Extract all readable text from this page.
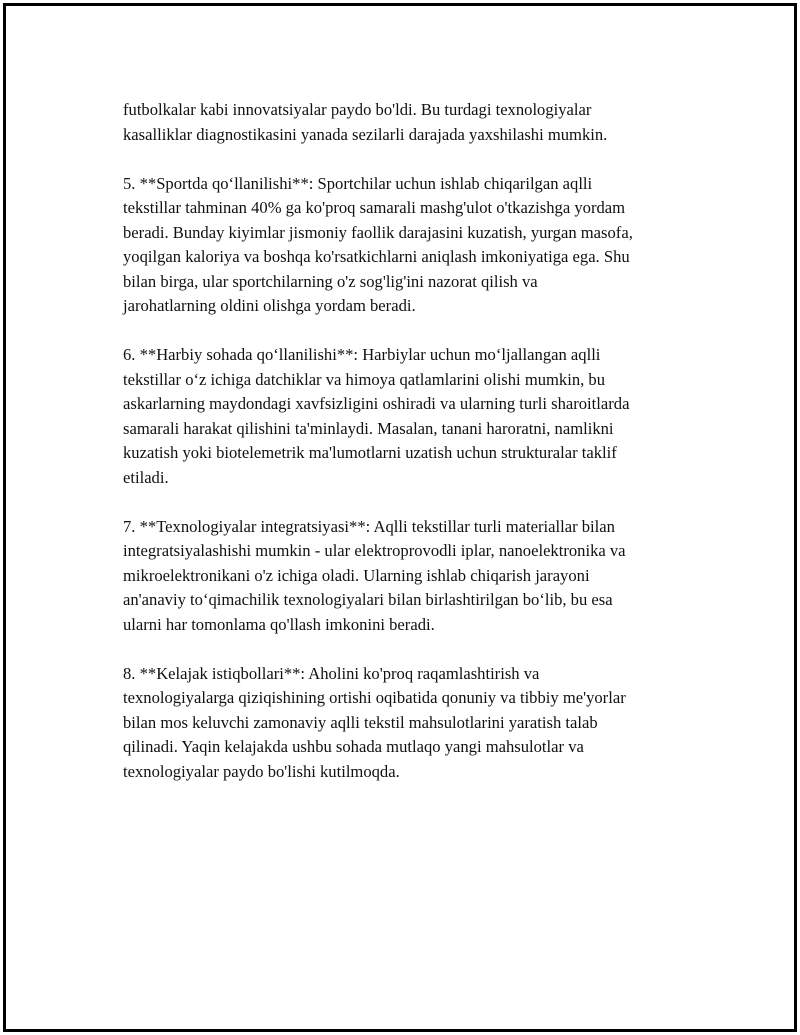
futbolkalar kabi innovatsiyalar paydo bo'ldi. Bu turdagi texnologiyalar
kasalliklar diagnostikasini yanada sezilarli darajada yaxshilashi mumkin.

5. **Sportda qo‘llanilishi**: Sportchilar uchun ishlab chiqarilgan aqlli
tekstillar tahminan 40% ga ko'proq samarali mashg'ulot o'tkazishga yordam
beradi. Bunday kiyimlar jismoniy faollik darajasini kuzatish, yurgan masofa,
yoqilgan kaloriya va boshqa ko'rsatkichlarni aniqlash imkoniyatiga ega. Shu
bilan birga, ular sportchilarning o'z sog'lig'ini nazorat qilish va
jarohatlarning oldini olishga yordam beradi.

6. **Harbiy sohada qo‘llanilishi**: Harbiylar uchun mo‘ljallangan aqlli
tekstillar o‘z ichiga datchiklar va himoya qatlamlarini olishi mumkin, bu
askarlarning maydondagi xavfsizligini oshiradi va ularning turli sharoitlarda
samarali harakat qilishini ta'minlaydi. Masalan, tanani haroratni, namlikni
kuzatish yoki biotelemetrik ma'lumotlarni uzatish uchun strukturalar taklif
etiladi.

7. **Texnologiyalar integratsiyasi**: Aqlli tekstillar turli materiallar bilan
integratsiyalashishi mumkin - ular elektroprovodli iplar, nanoelektronika va
mikroelektronikani o'z ichiga oladi. Ularning ishlab chiqarish jarayoni
an'anaviy to‘qimachilik texnologiyalari bilan birlashtirilgan bo‘lib, bu esa
ularni har tomonlama qo'llash imkonini beradi.

8. **Kelajak istiqbollari**: Aholini ko'proq raqamlashtirish va
texnologiyalarga qiziqishining ortishi oqibatida qonuniy va tibbiy me'yorlar
bilan mos keluvchi zamonaviy aqlli tekstil mahsulotlarini yaratish talab
qilinadi. Yaqin kelajakda ushbu sohada mutlaqo yangi mahsulotlar va
texnologiyalar paydo bo'lishi kutilmoqda.
